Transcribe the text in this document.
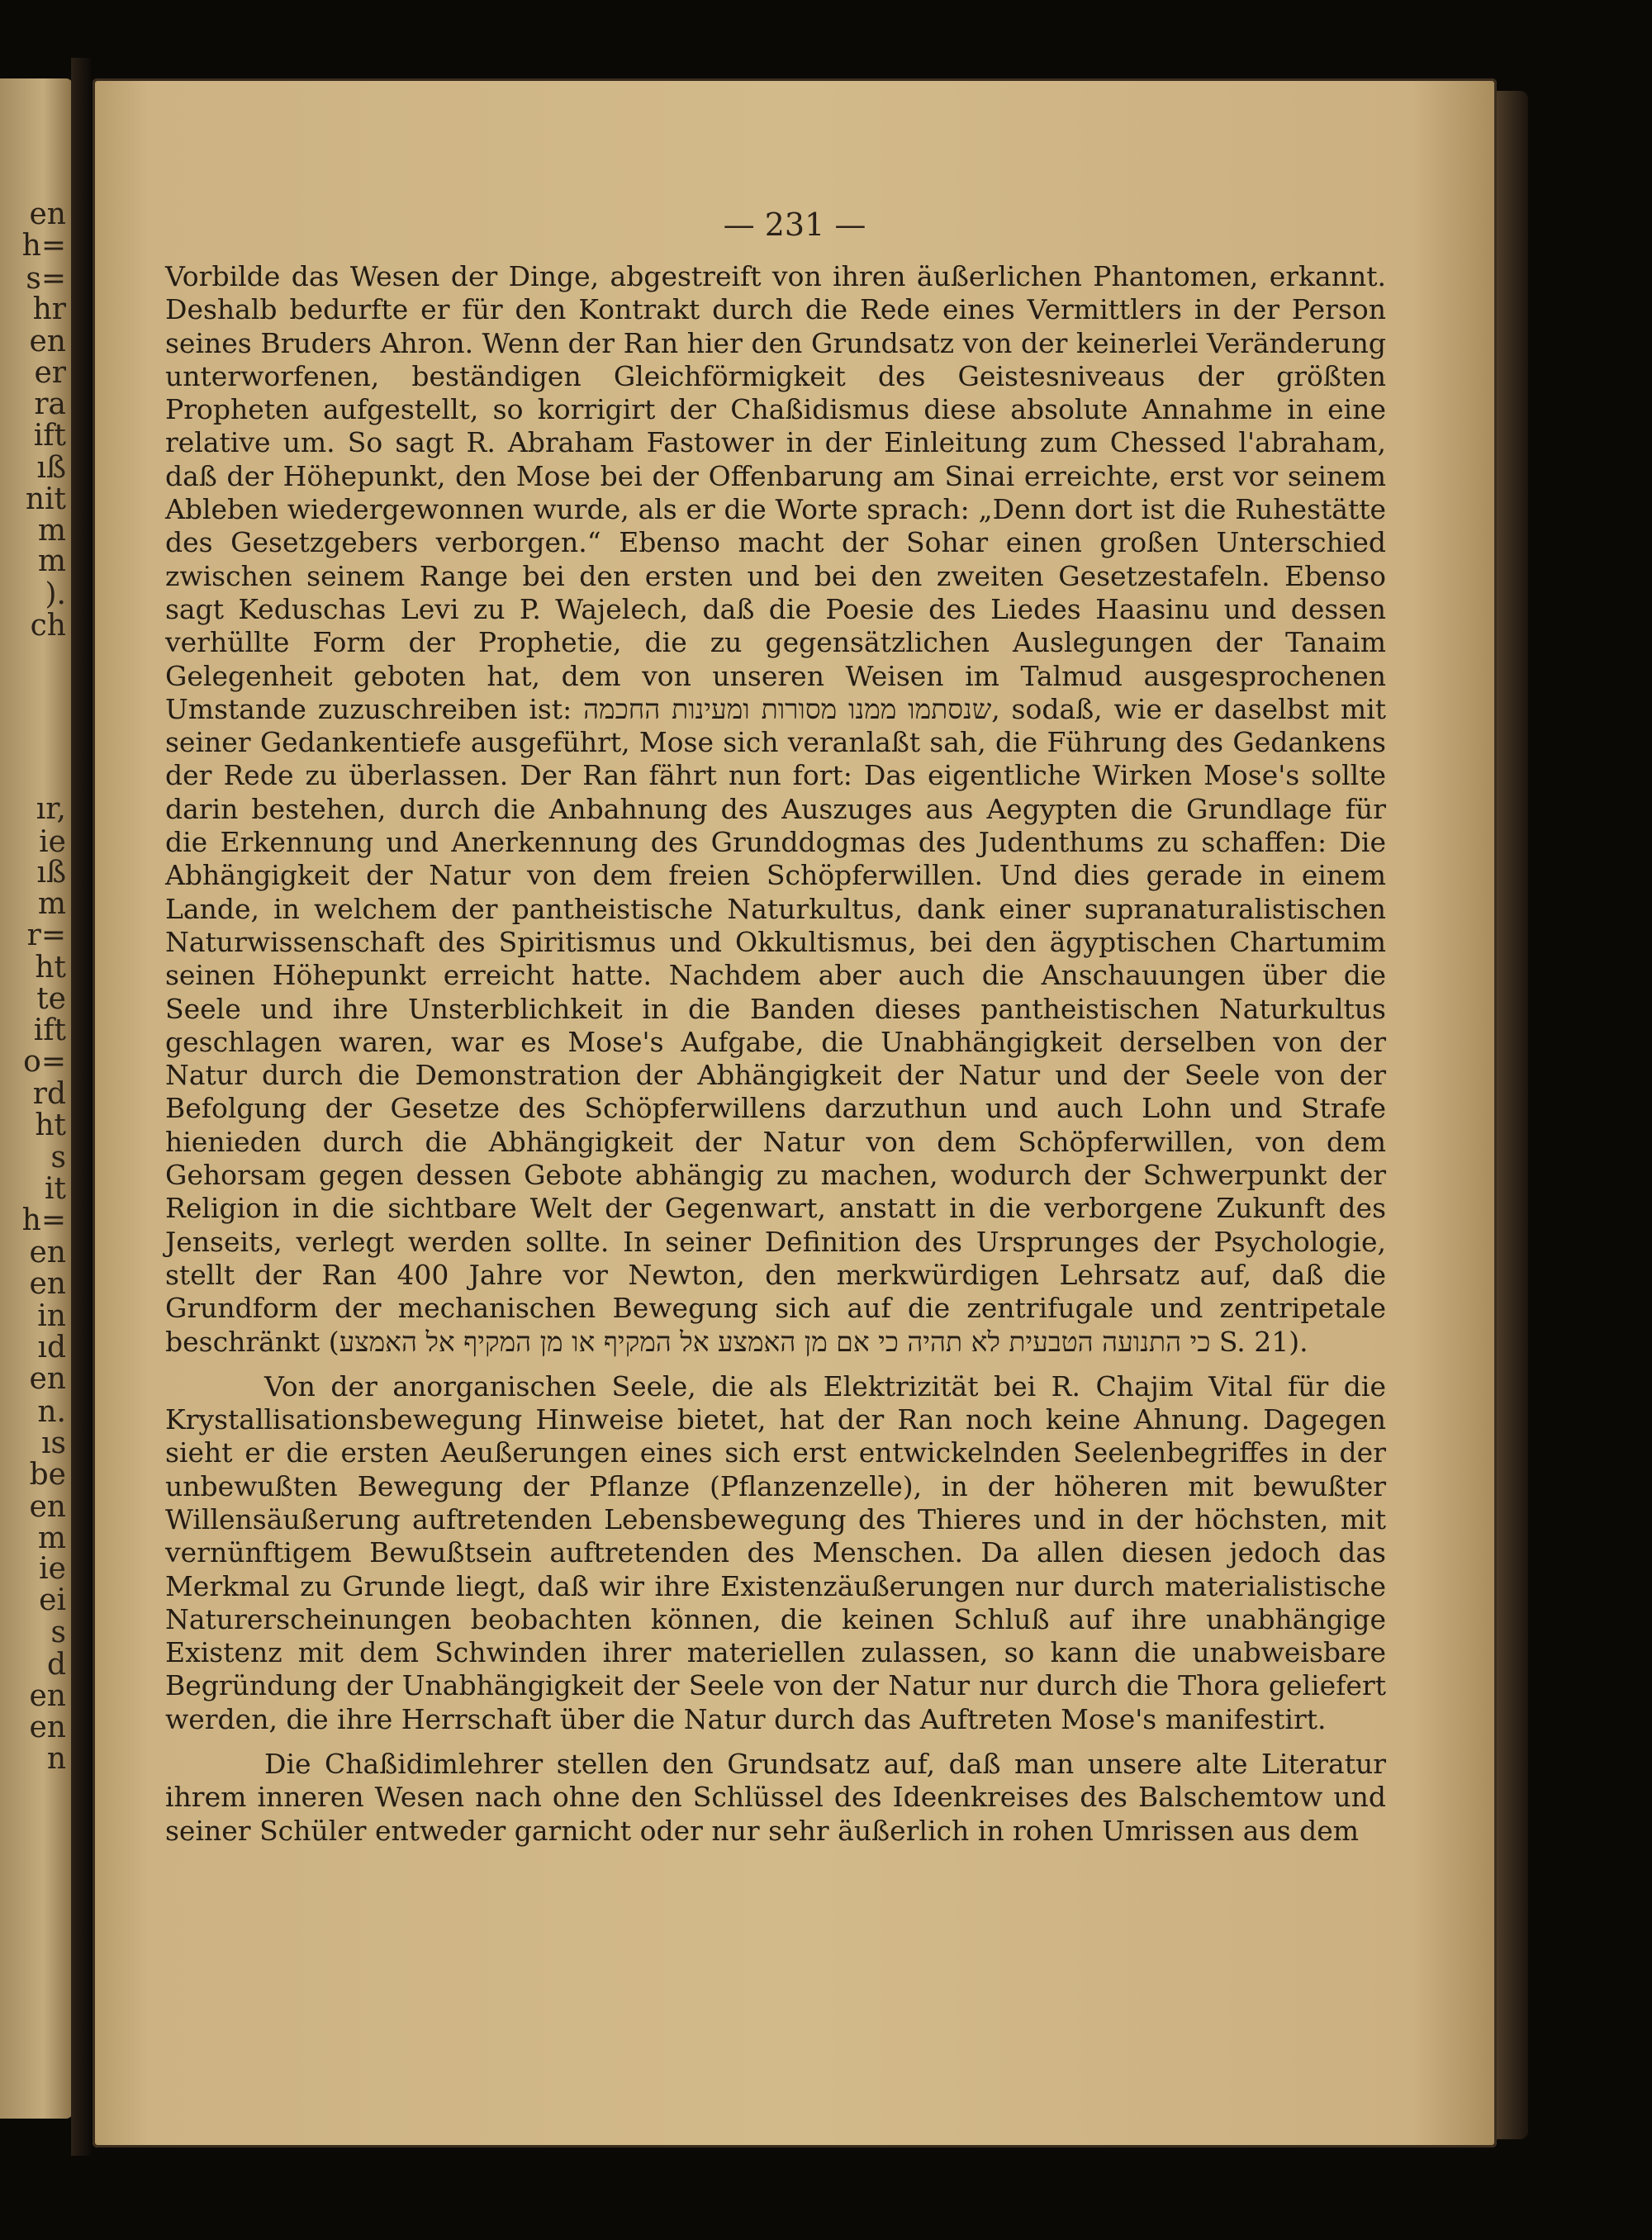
en
h=
s=
hr
en
er
ra
ift
ıß
nit
m
m
).
ch
ır,
ie
ıß
m
r=
ht
te
ift
o=
rd
ht
s
it
h=
en
en
in
ıd
en
n.
ıs
be
en
m
ie
ei
s
d
en
en
n
— 231 —

Vorbilde das Wesen der Dinge, abgestreift von ihren äußerlichen Phantomen, erkannt. Deshalb bedurfte er für den Kontrakt durch die Rede eines Vermittlers in der Person seines Bruders Ahron. Wenn der Ran hier den Grundsatz von der keinerlei Veränderung unterworfenen, beständigen Gleichförmigkeit des Geistesniveaus der größten Propheten aufgestellt, so korrigirt der Chaßidismus diese absolute Annahme in eine relative um. So sagt R. Abraham Fastower in der Einleitung zum Chessed l'abraham, daß der Höhepunkt, den Mose bei der Offenbarung am Sinai erreichte, erst vor seinem Ableben wiedergewonnen wurde, als er die Worte sprach: „Denn dort ist die Ruhestätte des Gesetzgebers verborgen.“ Ebenso macht der Sohar einen großen Unterschied zwischen seinem Range bei den ersten und bei den zweiten Gesetzestafeln. Ebenso sagt Keduschas Levi zu P. Wajelech, daß die Poesie des Liedes Haasinu und dessen verhüllte Form der Prophetie, die zu gegensätzlichen Auslegungen der Tanaim Gelegenheit geboten hat, dem von unseren Weisen im Talmud ausgesprochenen Umstande zuzuschreiben ist: שנסתמו ממנו מסורות ומעינות החכמה, sodaß, wie er daselbst mit seiner Gedankentiefe ausgeführt, Mose sich veranlaßt sah, die Führung des Gedankens der Rede zu überlassen. Der Ran fährt nun fort: Das eigentliche Wirken Mose's sollte darin bestehen, durch die Anbahnung des Auszuges aus Aegypten die Grundlage für die Erkennung und Anerkennung des Grunddogmas des Judenthums zu schaffen: Die Abhängigkeit der Natur von dem freien Schöpferwillen. Und dies gerade in einem Lande, in welchem der pantheistische Naturkultus, dank einer supranaturalistischen Naturwissenschaft des Spiritismus und Okkultismus, bei den ägyptischen Chartumim seinen Höhepunkt erreicht hatte. Nachdem aber auch die Anschauungen über die Seele und ihre Unsterblichkeit in die Banden dieses pantheistischen Naturkultus geschlagen waren, war es Mose's Aufgabe, die Unabhängigkeit derselben von der Natur durch die Demonstration der Abhängigkeit der Natur und der Seele von der Befolgung der Gesetze des Schöpferwillens darzuthun und auch Lohn und Strafe hienieden durch die Abhängigkeit der Natur von dem Schöpferwillen, von dem Gehorsam gegen dessen Gebote abhängig zu machen, wodurch der Schwerpunkt der Religion in die sichtbare Welt der Gegenwart, anstatt in die verborgene Zukunft des Jenseits, verlegt werden sollte. In seiner Definition des Ursprunges der Psychologie, stellt der Ran 400 Jahre vor Newton, den merkwürdigen Lehrsatz auf, daß die Grundform der mechanischen Bewegung sich auf die zentrifugale und zentripetale beschränkt (כי התנועה הטבעית לא תהיה כי אם מן האמצע אל המקיף או מן המקיף אל האמצע S. 21).

Von der anorganischen Seele, die als Elektrizität bei R. Chajim Vital für die Krystallisationsbewegung Hinweise bietet, hat der Ran noch keine Ahnung. Dagegen sieht er die ersten Aeußerungen eines sich erst entwickelnden Seelenbegriffes in der unbewußten Bewegung der Pflanze (Pflanzenzelle), in der höheren mit bewußter Willensäußerung auftretenden Lebensbewegung des Thieres und in der höchsten, mit vernünftigem Bewußtsein auftretenden des Menschen. Da allen diesen jedoch das Merkmal zu Grunde liegt, daß wir ihre Existenzäußerungen nur durch materialistische Naturerscheinungen beobachten können, die keinen Schluß auf ihre unabhängige Existenz mit dem Schwinden ihrer materiellen zulassen, so kann die unabweisbare Begründung der Unabhängigkeit der Seele von der Natur nur durch die Thora geliefert werden, die ihre Herrschaft über die Natur durch das Auftreten Mose's manifestirt.

Die Chaßidimlehrer stellen den Grundsatz auf, daß man unsere alte Literatur ihrem inneren Wesen nach ohne den Schlüssel des Ideenkreises des Balschemtow und seiner Schüler entweder garnicht oder nur sehr äußerlich in rohen Umrissen aus dem
